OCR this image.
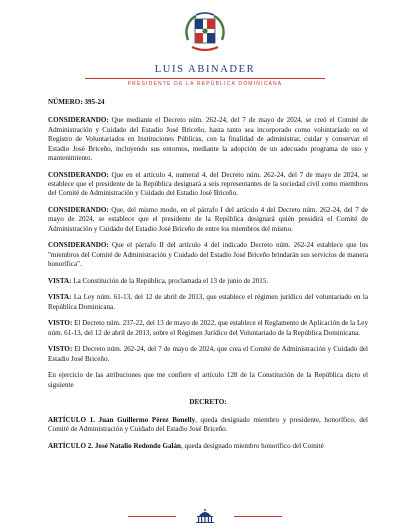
LUIS ABINADER
PRESIDENTE DE LA REPÚBLICA DOMINICANA

NÚMERO: 395-24

CONSIDERANDO: Que mediante el Decreto núm. 262-24, del 7 de mayo de 2024, se creó el Comité de Administración y Cuidado del Estadio José Briceño, hasta tanto sea incorporado como voluntariado en el Registro de Voluntariados en Instituciones Públicas, con la finalidad de administrar, cuidar y conservar el Estadio José Briceño, incluyendo sus entornos, mediante la adopción de un adecuado programa de uso y mantenimiento.

CONSIDERANDO: Que en el artículo 4, numeral 4, del Decreto núm. 262-24, del 7 de mayo de 2024, se establece que el presidente de la República designará a seis representantes de la sociedad civil como miembros del Comité de Administración y Cuidado del Estadio José Briceño.

CONSIDERANDO: Que, del mismo modo, en el párrafo I del artículo 4 del Decreto núm. 262-24, del 7 de mayo de 2024, se establece que el presidente de la República designará quién presidirá el Comité de Administración y Cuidado del Estadio José Briceño de entre los miembros del mismo.

CONSIDERANDO: Que el párrafo II del artículo 4 del indicado Decreto núm. 262-24 establece que los "miembros del Comité de Administración y Cuidado del Estadio José Briceño brindarán sus servicios de manera honorífica".

VISTA: La Constitución de la República, proclamada el 13 de junio de 2015.

VISTA: La Ley núm. 61-13, del 12 de abril de 2013, que establece el régimen jurídico del voluntariado en la República Dominicana.

VISTO: El Decreto núm. 237-22, del 13 de mayo de 2022, que establece el Reglamento de Aplicación de la Ley núm. 61-13, del 12 de abril de 2013, sobre el Régimen Jurídico del Voluntariado de la República Dominicana.

VISTO: El Decreto núm. 262-24, del 7 de mayo de 2024, que crea el Comité de Administración y Cuidado del Estadio José Briceño.

En ejercicio de las atribuciones que me confiere el artículo 128 de la Constitución de la República dicto el siguiente

DECRETO:

ARTÍCULO 1. Juan Guillermo Pérez Bonelly, queda designado miembro y presidente, honorífico, del Comité de Administración y Cuidado del Estadio José Briceño.

ARTÍCULO 2. José Natalio Redondo Galán, queda designado miembro honorífico del Comité
